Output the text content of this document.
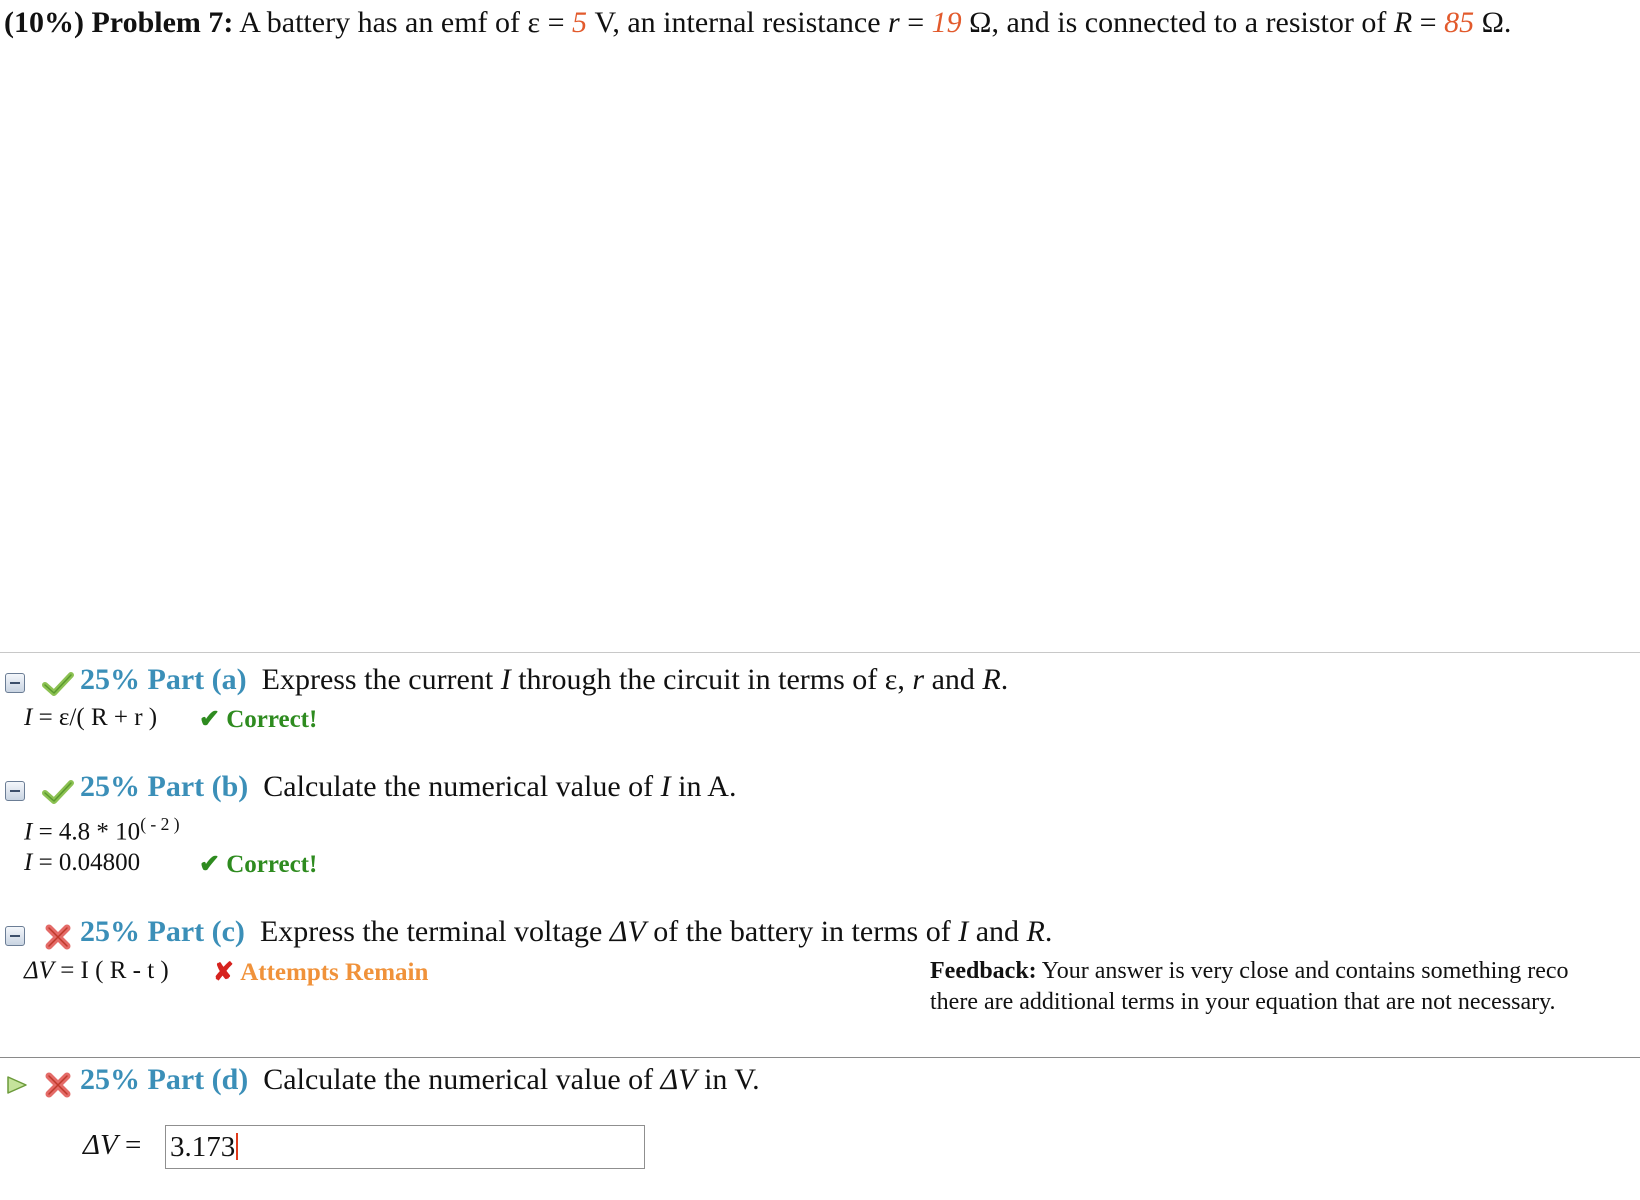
(10%) Problem 7: A battery has an emf of ε = 5 V, an internal resistance r = 19 Ω, and is connected to a resistor of R = 85 Ω.
25% Part (a) Express the current I through the circuit in terms of ε, r and R.
I = ε/( R + r ) ✔ Correct!
25% Part (b) Calculate the numerical value of I in A.
$I = 4.8 * 10^{( - 2 )}$
I = 0.04800 ✔ Correct!
25% Part (c) Express the terminal voltage ΔV of the battery in terms of I and R.
ΔV = I ( R - t ) ✘ Attempts Remain	Feedback: Your answer is very close and contains something reco
there are additional terms in your equation that are not necessary.
25% Part (d) Calculate the numerical value of ΔV in V.
ΔV = 3.173
